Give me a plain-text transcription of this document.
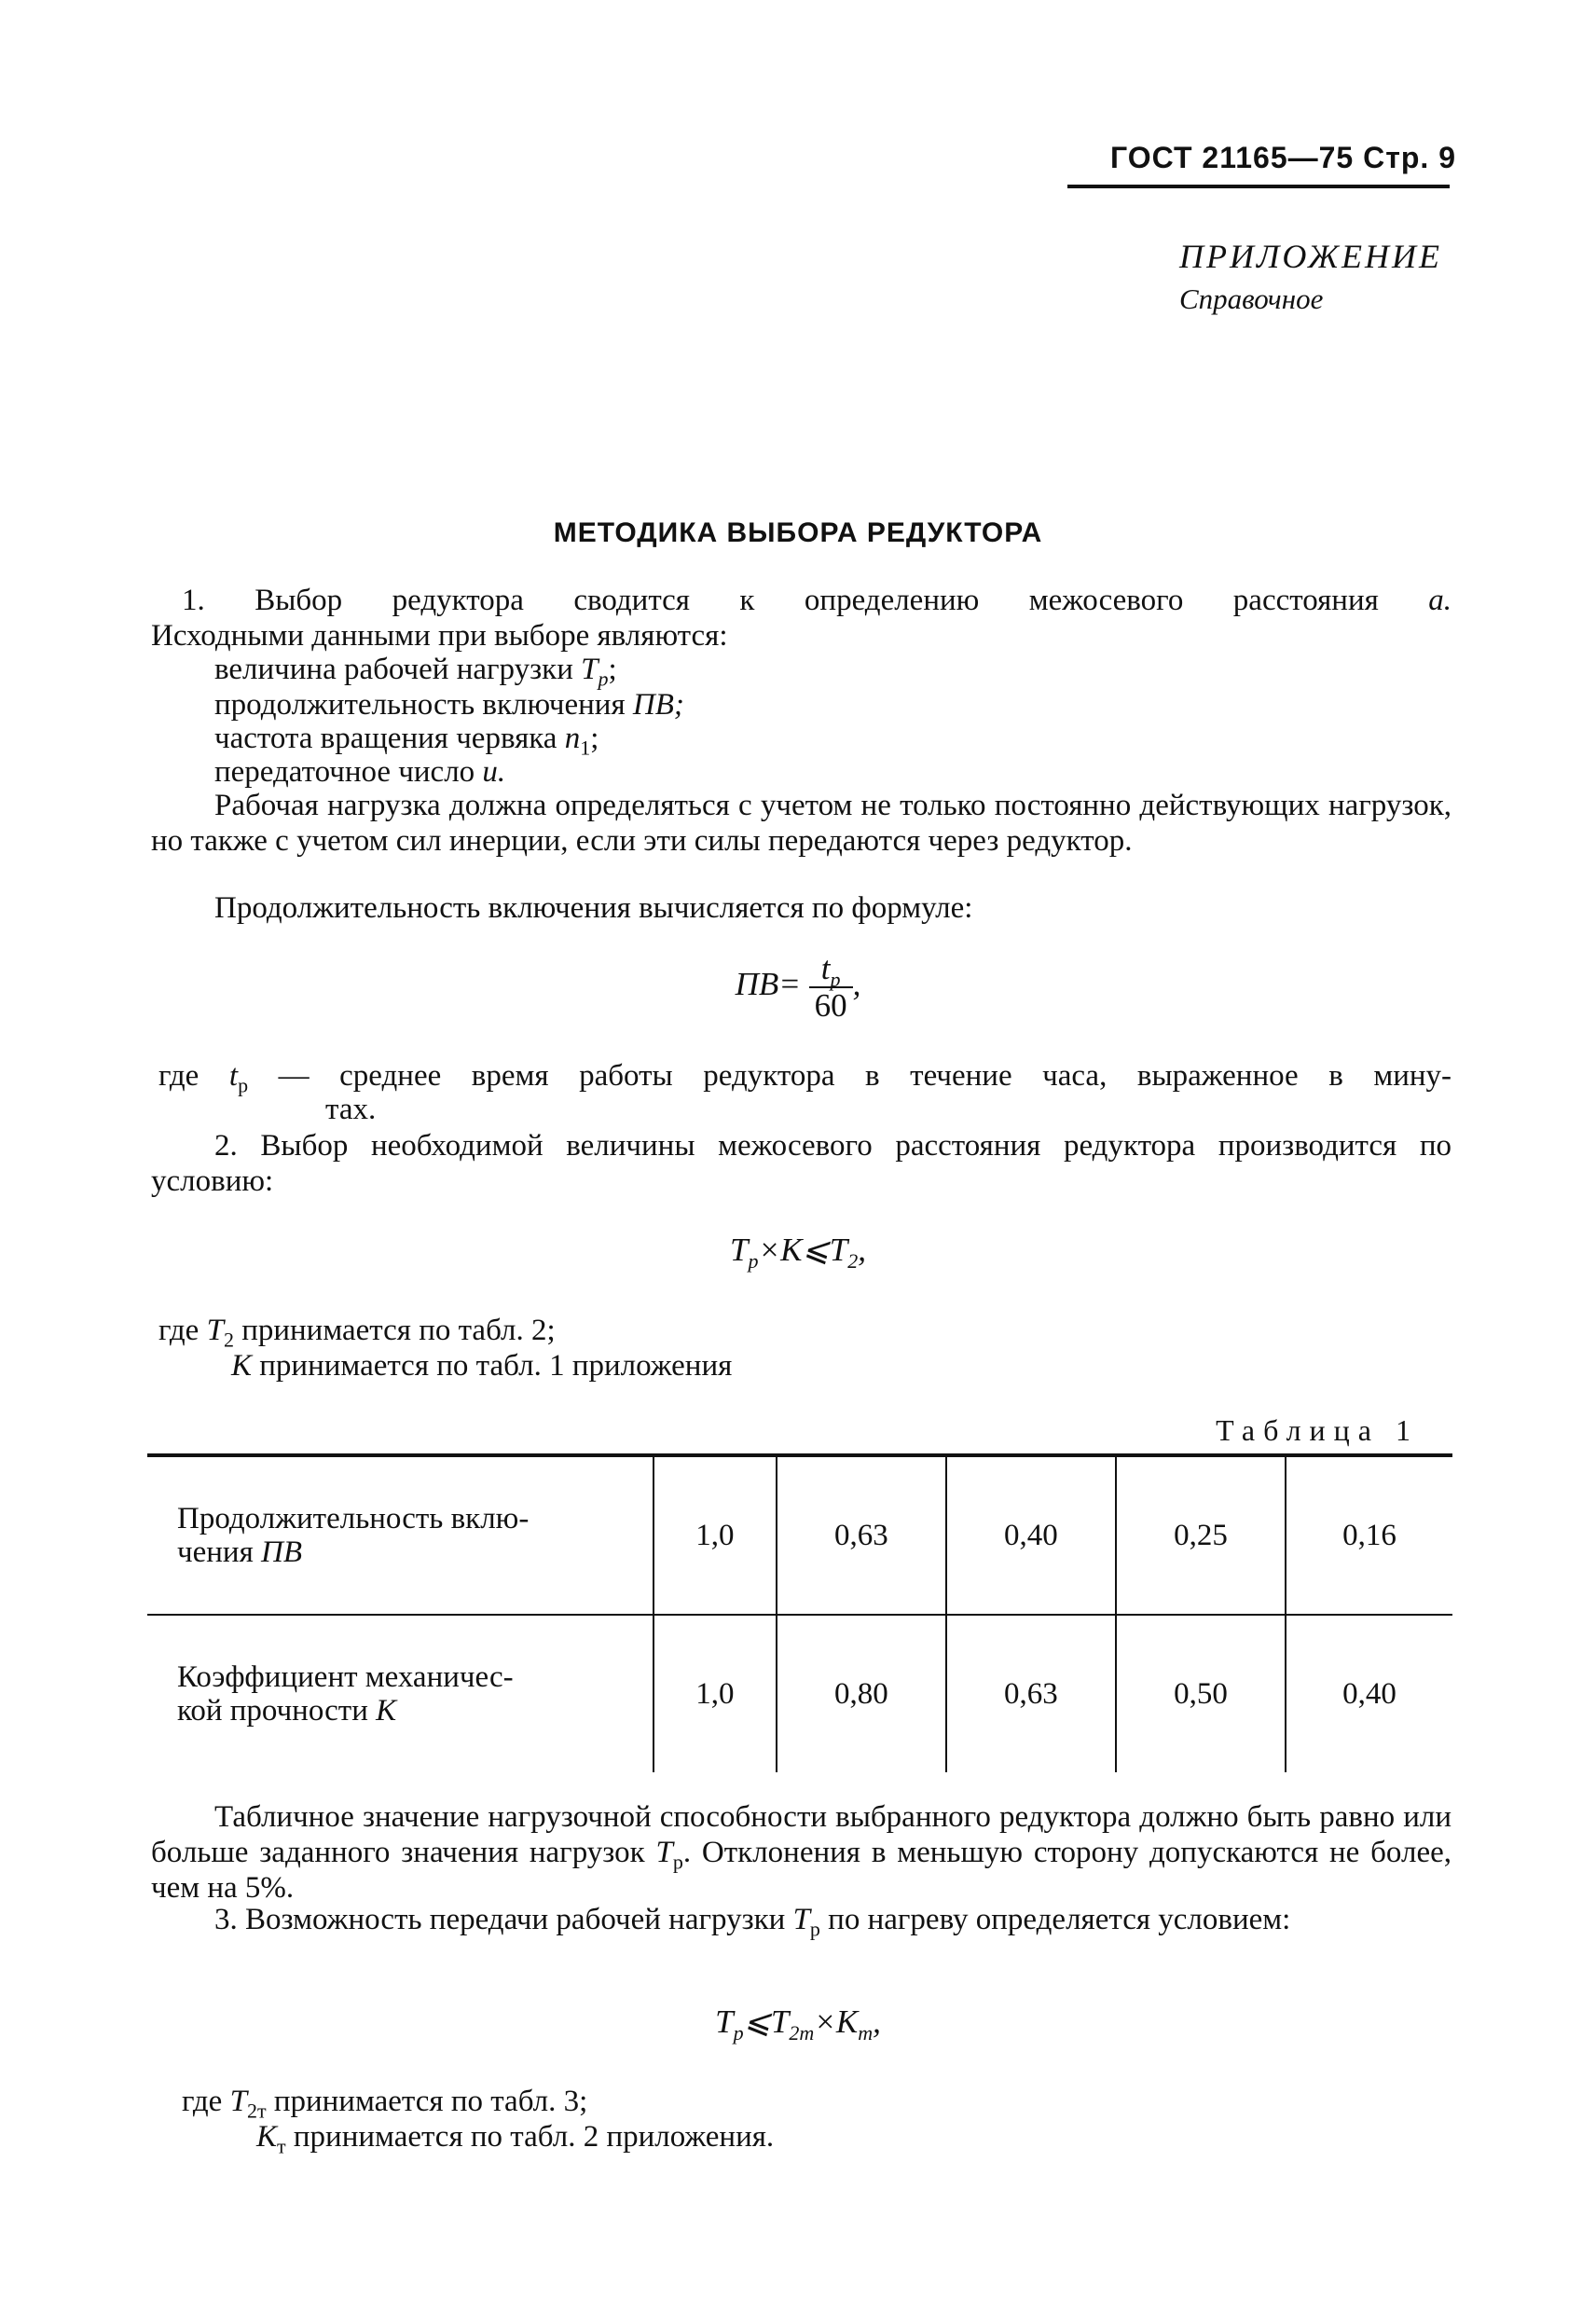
ГОСТ 21165—75 Стр. 9
ПРИЛОЖЕНИЕ
Справочное
МЕТОДИКА ВЫБОРА РЕДУКТОРА
1. Выбор редуктора сводится к определению межосевого расстояния a.
Исходными данными при выборе являются:
величина рабочей нагрузки $T_р$;
продолжительность включения ПВ;
частота вращения червяка $n_1$;
передаточное число u.
Рабочая нагрузка должна определяться с учетом не только постоянно действующих нагрузок, но также с учетом сил инерции, если эти силы передаются через редуктор.
Продолжительность включения вычисляется по формуле:
$ПВ= \frac{t_р}{60}$ ,
где $t_р$ — среднее время работы редуктора в течение часа, выраженное в мину-
тах.
2. Выбор необходимой величины межосевого расстояния редуктора производится по условию:
$T_р\times K⩽T_2$,
где $T_2$ принимается по табл. 2;
K принимается по табл. 1 приложения
Таблица 1
Продолжительность вклю-
чения ПВ	1,0	0,63	0,40	0,25	0,16
Коэффициент механичес-
кой прочности K	1,0	0,80	0,63	0,50	0,40
Табличное значение нагрузочной способности выбранного редуктора должно быть равно или больше заданного значения нагрузок $T_р$. Отклонения в меньшую сторону допускаются не более, чем на 5%.
3. Возможность передачи рабочей нагрузки $T_р$ по нагреву определяется условием:
$T_р⩽T_{2т}\times K_т$,
где $T_{2т}$ принимается по табл. 3;
$K_т$ принимается по табл. 2 приложения.
